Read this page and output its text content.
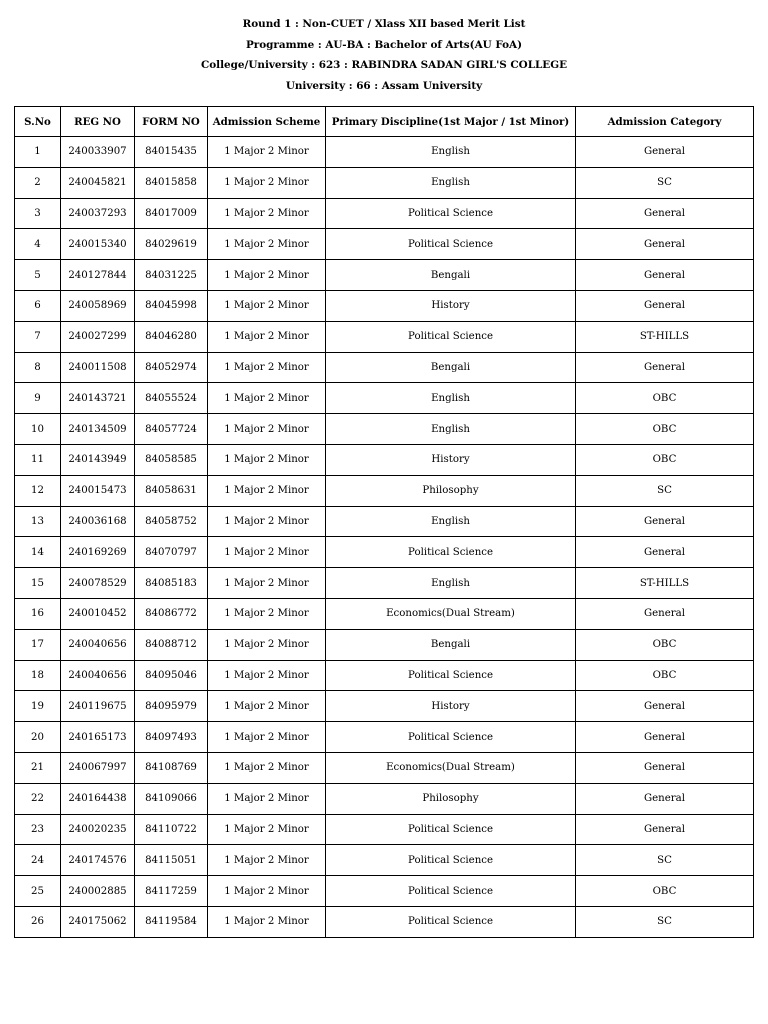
Round 1 : Non-CUET / Xlass XII based Merit List
Programme : AU-BA : Bachelor of Arts(AU FoA)
College/University : 623 : RABINDRA SADAN GIRL'S COLLEGE
University : 66 : Assam University
S.No	REG NO	FORM NO	Admission Scheme	Primary Discipline(1st Major / 1st Minor)	Admission Category
1	240033907	84015435	1 Major 2 Minor	English	General
2	240045821	84015858	1 Major 2 Minor	English	SC
3	240037293	84017009	1 Major 2 Minor	Political Science	General
4	240015340	84029619	1 Major 2 Minor	Political Science	General
5	240127844	84031225	1 Major 2 Minor	Bengali	General
6	240058969	84045998	1 Major 2 Minor	History	General
7	240027299	84046280	1 Major 2 Minor	Political Science	ST-HILLS
8	240011508	84052974	1 Major 2 Minor	Bengali	General
9	240143721	84055524	1 Major 2 Minor	English	OBC
10	240134509	84057724	1 Major 2 Minor	English	OBC
11	240143949	84058585	1 Major 2 Minor	History	OBC
12	240015473	84058631	1 Major 2 Minor	Philosophy	SC
13	240036168	84058752	1 Major 2 Minor	English	General
14	240169269	84070797	1 Major 2 Minor	Political Science	General
15	240078529	84085183	1 Major 2 Minor	English	ST-HILLS
16	240010452	84086772	1 Major 2 Minor	Economics(Dual Stream)	General
17	240040656	84088712	1 Major 2 Minor	Bengali	OBC
18	240040656	84095046	1 Major 2 Minor	Political Science	OBC
19	240119675	84095979	1 Major 2 Minor	History	General
20	240165173	84097493	1 Major 2 Minor	Political Science	General
21	240067997	84108769	1 Major 2 Minor	Economics(Dual Stream)	General
22	240164438	84109066	1 Major 2 Minor	Philosophy	General
23	240020235	84110722	1 Major 2 Minor	Political Science	General
24	240174576	84115051	1 Major 2 Minor	Political Science	SC
25	240002885	84117259	1 Major 2 Minor	Political Science	OBC
26	240175062	84119584	1 Major 2 Minor	Political Science	SC
